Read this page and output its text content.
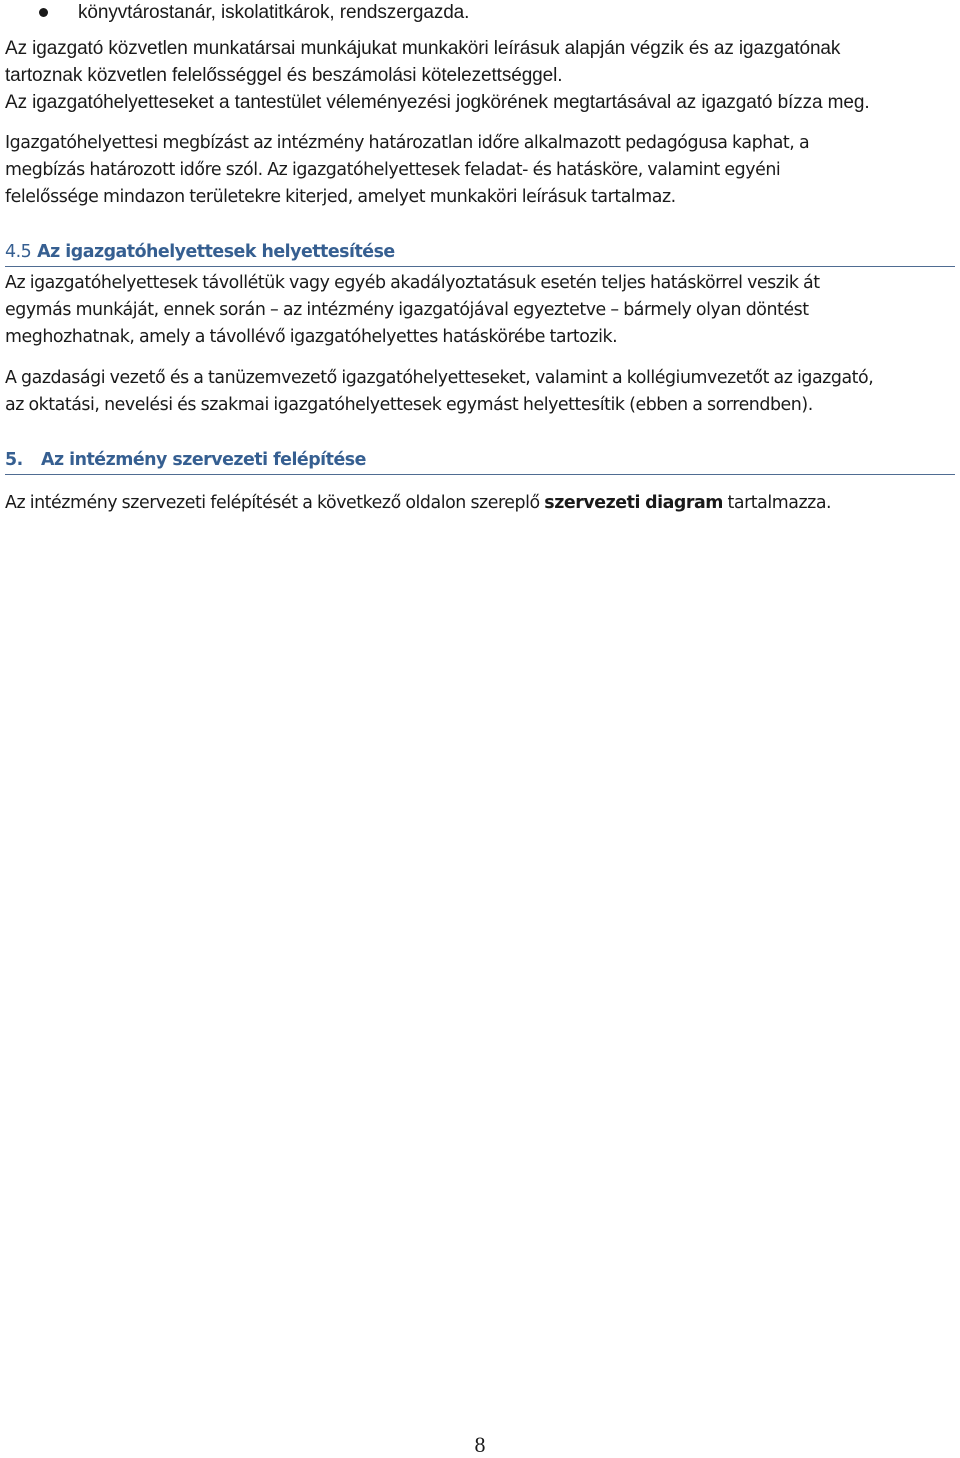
könyvtárostanár, iskolatitkárok, rendszergazda.
Az igazgató közvetlen munkatársai munkájukat munkaköri leírásuk alapján végzik és az igazgatónak
tartoznak közvetlen felelősséggel és beszámolási kötelezettséggel.
Az igazgatóhelyetteseket a tantestület véleményezési jogkörének megtartásával az igazgató bízza meg.
Igazgatóhelyettesi megbízást az intézmény határozatlan időre alkalmazott pedagógusa kaphat, a
megbízás határozott időre szól. Az igazgatóhelyettesek feladat- és hatásköre, valamint egyéni
felelőssége mindazon területekre kiterjed, amelyet munkaköri leírásuk tartalmaz.
4.5 Az igazgatóhelyettesek helyettesítése
Az igazgatóhelyettesek távollétük vagy egyéb akadályoztatásuk esetén teljes hatáskörrel veszik át
egymás munkáját, ennek során – az intézmény igazgatójával egyeztetve – bármely olyan döntést
meghozhatnak, amely a távollévő igazgatóhelyettes hatáskörébe tartozik.
A gazdasági vezető és a tanüzemvezető igazgatóhelyetteseket, valamint a kollégiumvezetőt az igazgató,
az oktatási, nevelési és szakmai igazgatóhelyettesek egymást helyettesítik (ebben a sorrendben).
5. Az intézmény szervezeti felépítése
Az intézmény szervezeti felépítését a következő oldalon szereplő szervezeti diagram tartalmazza.
8
